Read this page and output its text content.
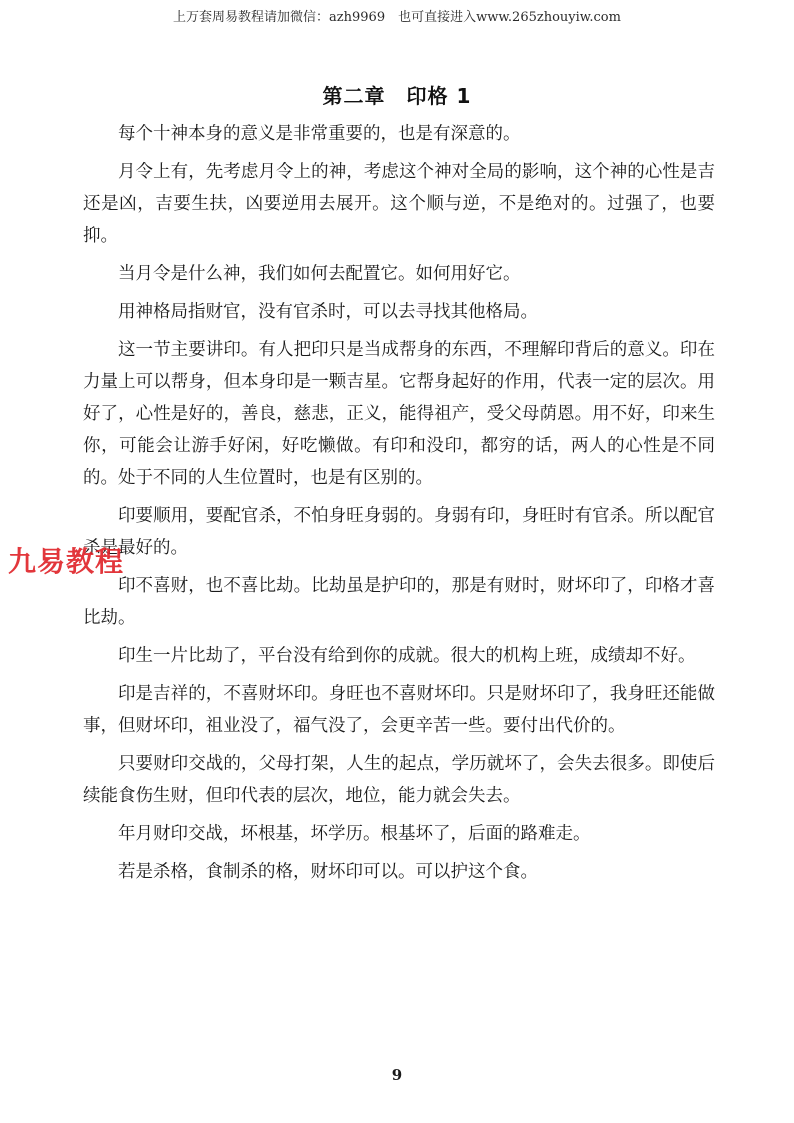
上万套周易教程请加微信：azh9969　也可直接进入www.265zhouyiw.com
第二章　印格 1

每个十神本身的意义是非常重要的，也是有深意的。

月令上有，先考虑月令上的神，考虑这个神对全局的影响，这个神的心性是吉还是凶，吉要生扶，凶要逆用去展开。这个顺与逆，不是绝对的。过强了，也要抑。

当月令是什么神，我们如何去配置它。如何用好它。

用神格局指财官，没有官杀时，可以去寻找其他格局。

这一节主要讲印。有人把印只是当成帮身的东西，不理解印背后的意义。印在力量上可以帮身，但本身印是一颗吉星。它帮身起好的作用，代表一定的层次。用好了，心性是好的，善良，慈悲，正义，能得祖产，受父母荫恩。用不好，印来生你，可能会让游手好闲，好吃懒做。有印和没印，都穷的话，两人的心性是不同的。处于不同的人生位置时，也是有区别的。

印要顺用，要配官杀，不怕身旺身弱的。身弱有印，身旺时有官杀。所以配官杀是最好的。

印不喜财，也不喜比劫。比劫虽是护印的，那是有财时，财坏印了，印格才喜比劫。

印生一片比劫了，平台没有给到你的成就。很大的机构上班，成绩却不好。

印是吉祥的，不喜财坏印。身旺也不喜财坏印。只是财坏印了，我身旺还能做事，但财坏印，祖业没了，福气没了，会更辛苦一些。要付出代价的。

只要财印交战的，父母打架，人生的起点，学历就坏了，会失去很多。即使后续能食伤生财，但印代表的层次，地位，能力就会失去。

年月财印交战，坏根基，坏学历。根基坏了，后面的路难走。

若是杀格，食制杀的格，财坏印可以。可以护这个食。

九易教程
9
